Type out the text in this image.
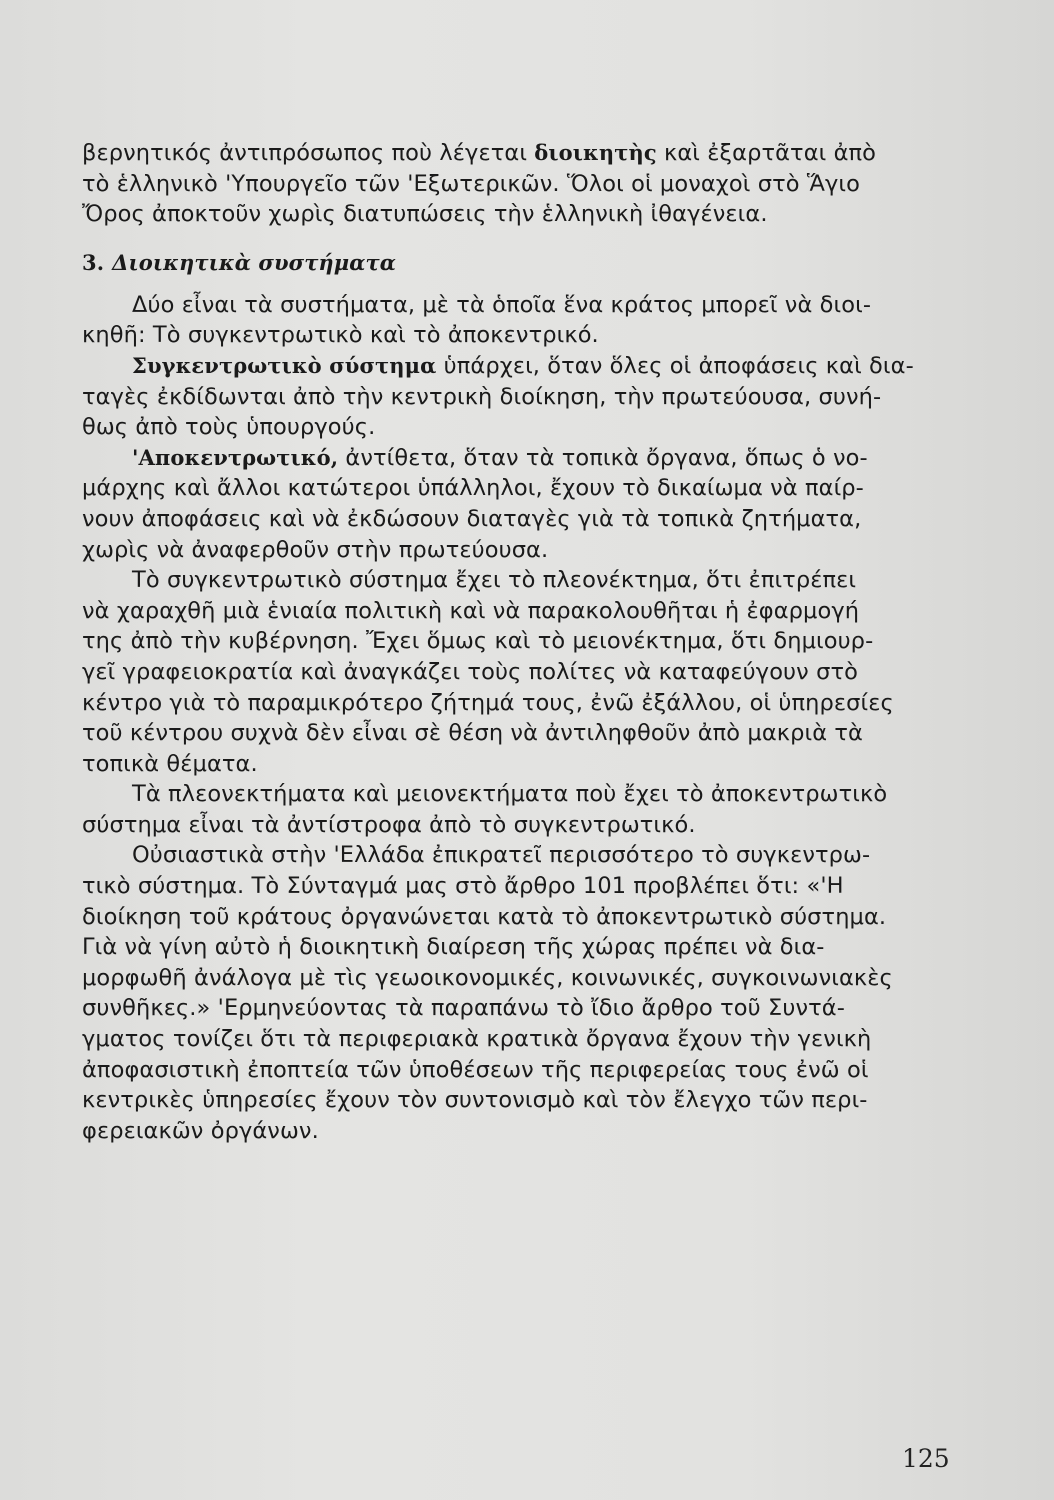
βερνητικός ἀντιπρόσωπος ποὺ λέγεται
διοικητὴς
καὶ ἐξαρτᾶται ἀπὸ
τὸ ἑλληνικὸ 'Υπουργεῖο τῶν 'Εξωτερικῶν. Ὅλοι οἱ μοναχοὶ στὸ Ἅγιο
Ὄρος ἀποκτοῦν χωρὶς διατυπώσεις τὴν ἑλληνικὴ ἰθαγένεια.
3. Διοικητικὰ συστήματα
Δύο εἶναι τὰ συστήματα, μὲ τὰ ὁποῖα ἕνα κράτος μπορεῖ νὰ διοι-
κηθῆ: Τὸ συγκεντρωτικὸ καὶ τὸ ἀποκεντρικό.
Συγκεντρωτικὸ σύστημα
ὑπάρχει, ὅταν ὅλες οἱ ἀποφάσεις καὶ δια-
ταγὲς ἐκδίδωνται ἀπὸ τὴν κεντρικὴ διοίκηση, τὴν πρωτεύουσα, συνή-
θως ἀπὸ τοὺς ὑπουργούς.
'Αποκεντρωτικό,
ἀντίθετα, ὅταν τὰ τοπικὰ ὄργανα, ὅπως ὁ νο-
μάρχης καὶ ἄλλοι κατώτεροι ὑπάλληλοι, ἔχουν τὸ δικαίωμα νὰ παίρ-
νουν ἀποφάσεις καὶ νὰ ἐκδώσουν διαταγὲς γιὰ τὰ τοπικὰ ζητήματα,
χωρὶς νὰ ἀναφερθοῦν στὴν πρωτεύουσα.
Τὸ συγκεντρωτικὸ σύστημα ἔχει τὸ πλεονέκτημα, ὅτι ἐπιτρέπει
νὰ χαραχθῆ μιὰ ἑνιαία πολιτικὴ καὶ νὰ παρακολουθῆται ἡ ἐφαρμογή
της ἀπὸ τὴν κυβέρνηση. Ἔχει ὅμως καὶ τὸ μειονέκτημα, ὅτι δημιουρ-
γεῖ γραφειοκρατία καὶ ἀναγκάζει τοὺς πολίτες νὰ καταφεύγουν στὸ
κέντρο γιὰ τὸ παραμικρότερο ζήτημά τους, ἐνῶ ἐξάλλου, οἱ ὑπηρεσίες
τοῦ κέντρου συχνὰ δὲν εἶναι σὲ θέση νὰ ἀντιληφθοῦν ἀπὸ μακριὰ τὰ
τοπικὰ θέματα.
Τὰ πλεονεκτήματα καὶ μειονεκτήματα ποὺ ἔχει τὸ ἀποκεντρωτικὸ
σύστημα εἶναι τὰ ἀντίστροφα ἀπὸ τὸ συγκεντρωτικό.
Οὐσιαστικὰ στὴν 'Ελλάδα ἐπικρατεῖ περισσότερο τὸ συγκεντρω-
τικὸ σύστημα. Τὸ Σύνταγμά μας στὸ ἄρθρο 101 προβλέπει ὅτι: «'Η
διοίκηση τοῦ κράτους ὀργανώνεται κατὰ τὸ ἀποκεντρωτικὸ σύστημα.
Γιὰ νὰ γίνη αὐτὸ ἡ διοικητικὴ διαίρεση τῆς χώρας πρέπει νὰ δια-
μορφωθῆ ἀνάλογα μὲ τὶς γεωοικονομικές, κοινωνικές, συγκοινωνιακὲς
συνθῆκες.» 'Ερμηνεύοντας τὰ παραπάνω τὸ ἴδιο ἄρθρο τοῦ Συντά-
γματος τονίζει ὅτι τὰ περιφεριακὰ κρατικὰ ὄργανα ἔχουν τὴν γενικὴ
ἀποφασιστικὴ ἐποπτεία τῶν ὑποθέσεων τῆς περιφερείας τους ἐνῶ οἱ
κεντρικὲς ὑπηρεσίες ἔχουν τὸν συντονισμὸ καὶ τὸν ἔλεγχο τῶν περι-
φερειακῶν ὀργάνων.
125
